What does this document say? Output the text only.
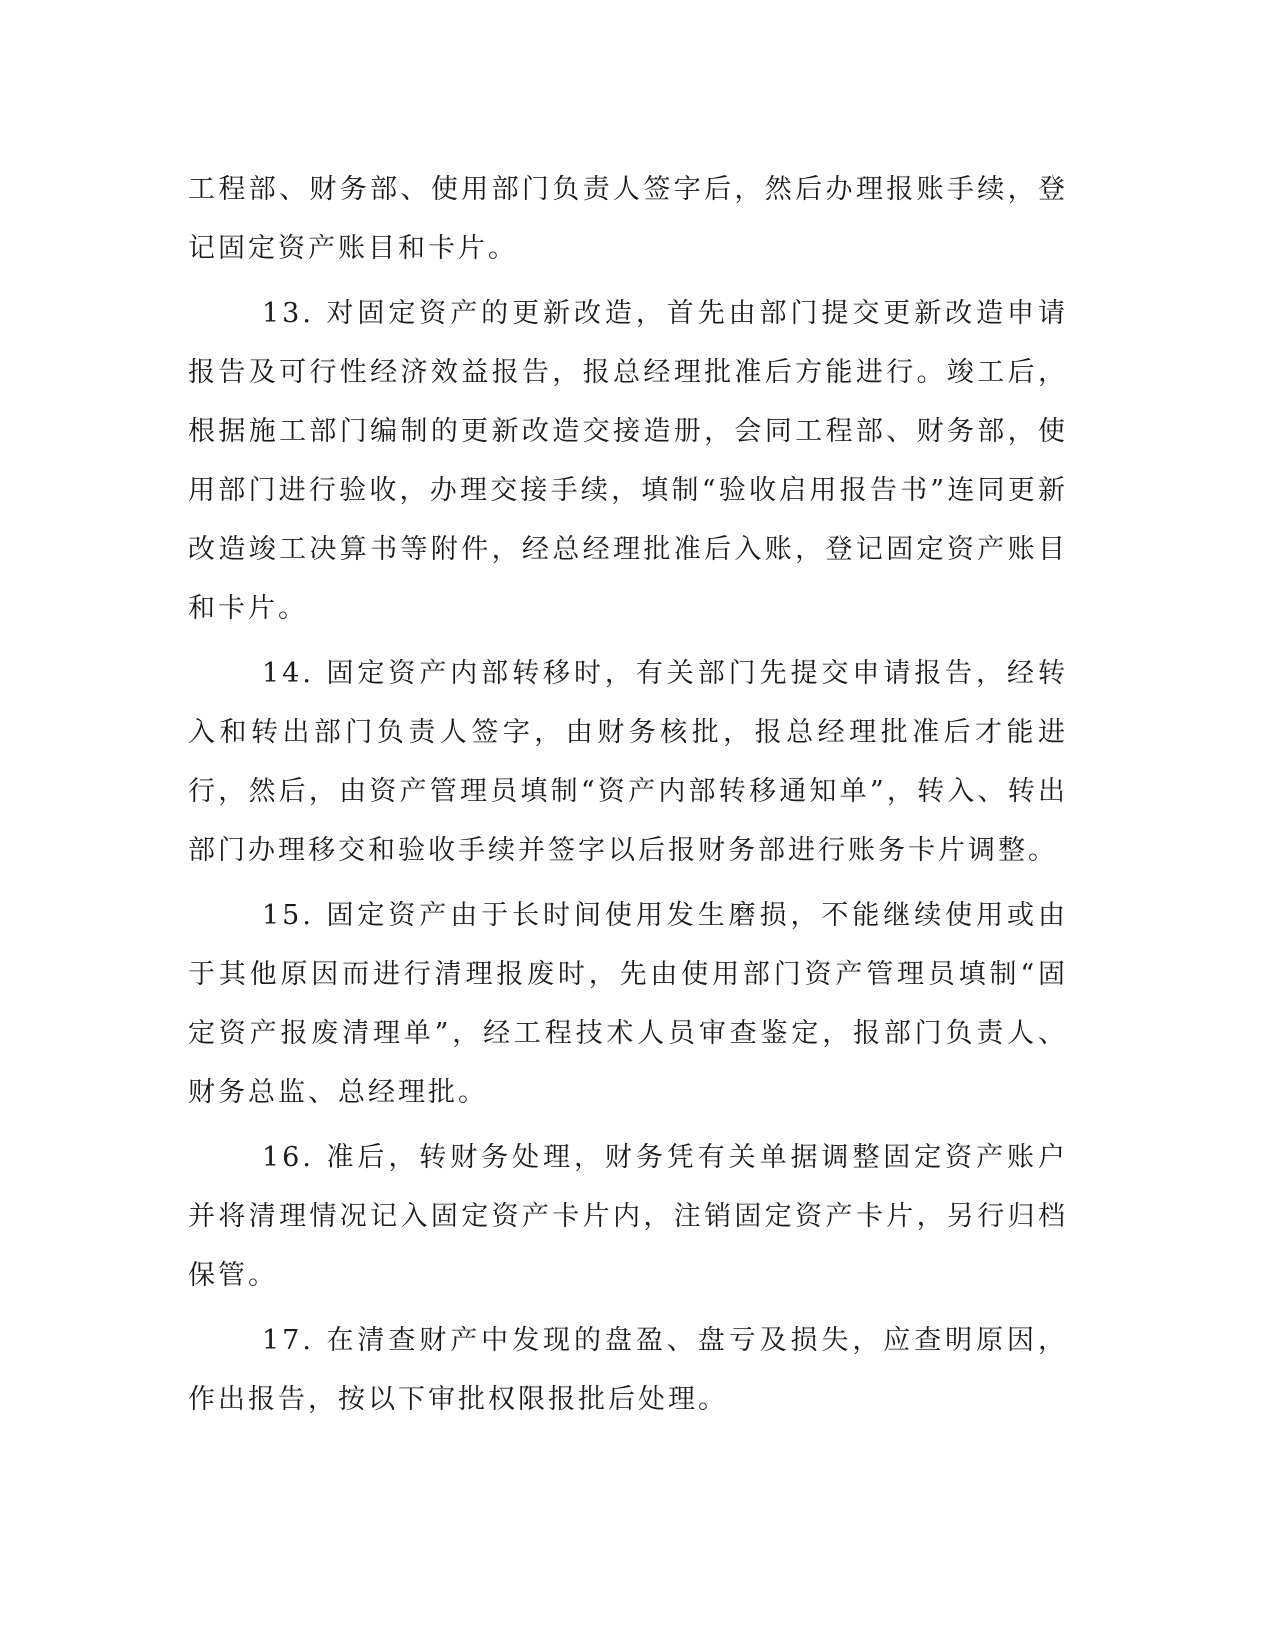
工程部、财务部、使用部门负责人签字后，然后办理报账手续，登记固定资产账目和卡片。

13. 对固定资产的更新改造，首先由部门提交更新改造申请报告及可行性经济效益报告，报总经理批准后方能进行。竣工后，根据施工部门编制的更新改造交接造册，会同工程部、财务部，使用部门进行验收，办理交接手续，填制“验收启用报告书”连同更新改造竣工决算书等附件，经总经理批准后入账，登记固定资产账目和卡片。

14. 固定资产内部转移时，有关部门先提交申请报告，经转入和转出部门负责人签字，由财务核批，报总经理批准后才能进行，然后，由资产管理员填制“资产内部转移通知单”，转入、转出部门办理移交和验收手续并签字以后报财务部进行账务卡片调整。

15. 固定资产由于长时间使用发生磨损，不能继续使用或由于其他原因而进行清理报废时，先由使用部门资产管理员填制“固定资产报废清理单”，经工程技术人员审查鉴定，报部门负责人、财务总监、总经理批。

16. 准后，转财务处理，财务凭有关单据调整固定资产账户并将清理情况记入固定资产卡片内，注销固定资产卡片，另行归档保管。

17. 在清查财产中发现的盘盈、盘亏及损失，应查明原因，作出报告，按以下审批权限报批后处理。
